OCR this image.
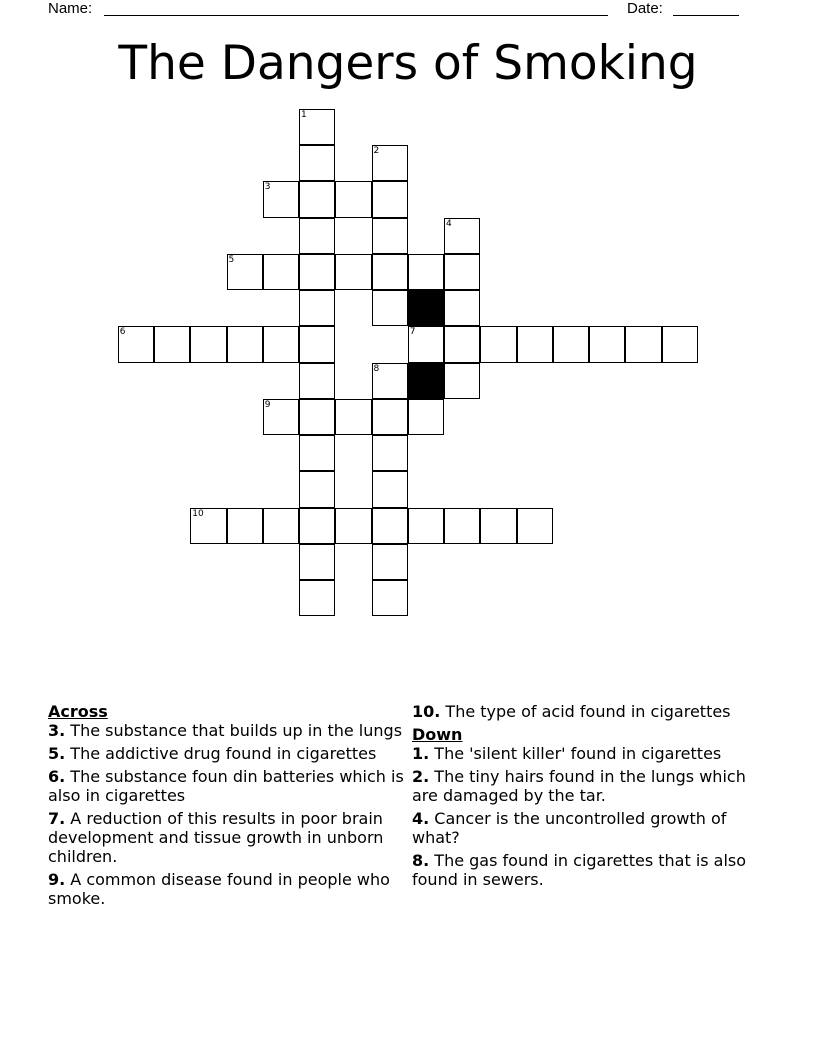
Name:	Date:
The Dangers of Smoking
1
2
3
4
5
6	7
8
9
10

Across

3. The substance that builds up in the lungs

5. The addictive drug found in cigarettes

6. The substance foun din batteries which is also in cigarettes

7. A reduction of this results in poor brain development and tissue growth in unborn children.

9. A common disease found in people who smoke.

10. The type of acid found in cigarettes

Down

1. The 'silent killer' found in cigarettes

2. The tiny hairs found in the lungs which are damaged by the tar.

4. Cancer is the uncontrolled growth of what?

8. The gas found in cigarettes that is also found in sewers.
